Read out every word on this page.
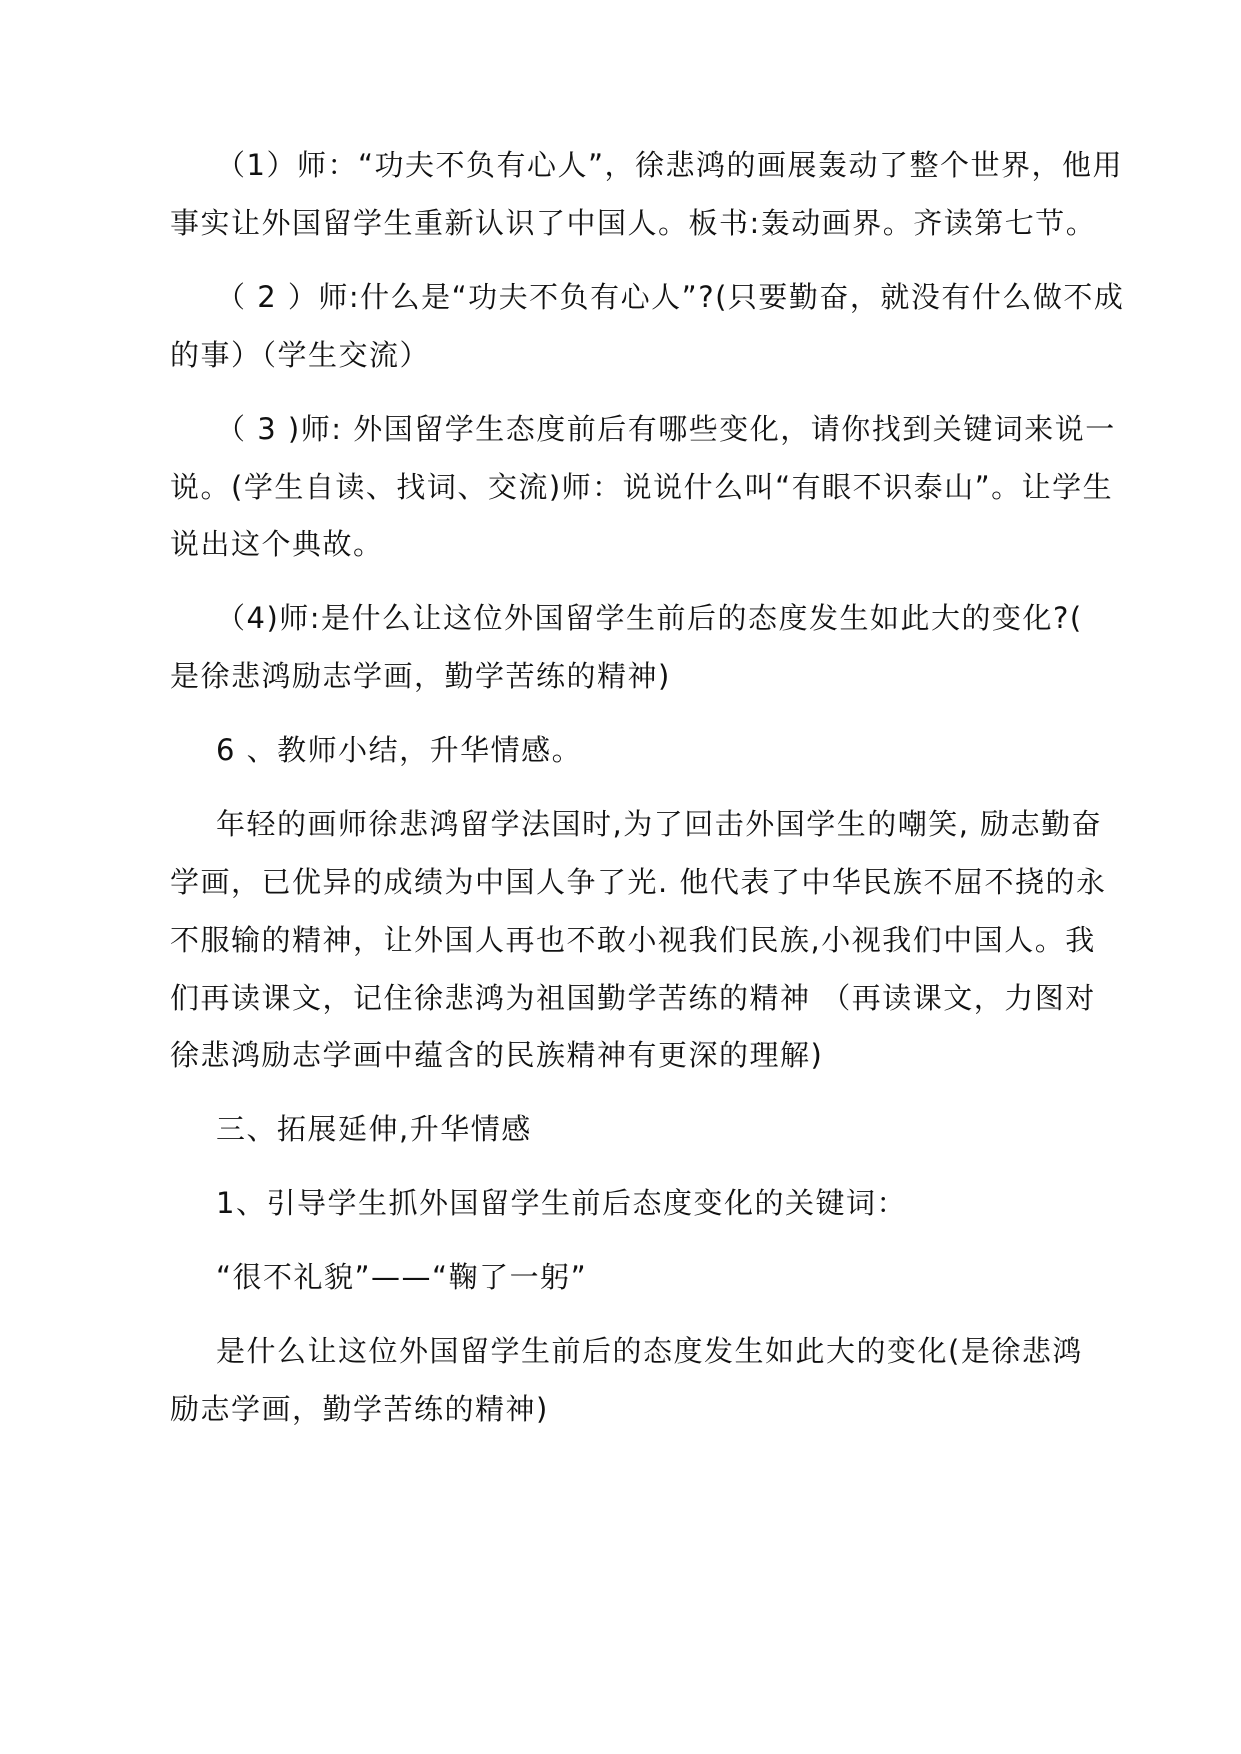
（1）师：“功夫不负有心人”，徐悲鸿的画展轰动了整个世界，他用
事实让外国留学生重新认识了中国人。板书:轰动画界。齐读第七节。
（ 2 ）师:什么是“功夫不负有心人”?(只要勤奋，就没有什么做不成
的事）（学生交流）
（ 3 )师: 外国留学生态度前后有哪些变化，请你找到关键词来说一
说。(学生自读、找词、交流)师：说说什么叫“有眼不识泰山”。让学生
说出这个典故。
（4)师:是什么让这位外国留学生前后的态度发生如此大的变化?(
是徐悲鸿励志学画，勤学苦练的精神)
6 、教师小结，升华情感。
年轻的画师徐悲鸿留学法国时,为了回击外国学生的嘲笑, 励志勤奋
学画，已优异的成绩为中国人争了光. 他代表了中华民族不屈不挠的永
不服输的精神，让外国人再也不敢小视我们民族,小视我们中国人。我
们再读课文，记住徐悲鸿为祖国勤学苦练的精神 （再读课文，力图对
徐悲鸿励志学画中蕴含的民族精神有更深的理解)
三、拓展延伸,升华情感
1、引导学生抓外国留学生前后态度变化的关键词：
“很不礼貌”——“鞠了一躬”
是什么让这位外国留学生前后的态度发生如此大的变化(是徐悲鸿
励志学画，勤学苦练的精神)
